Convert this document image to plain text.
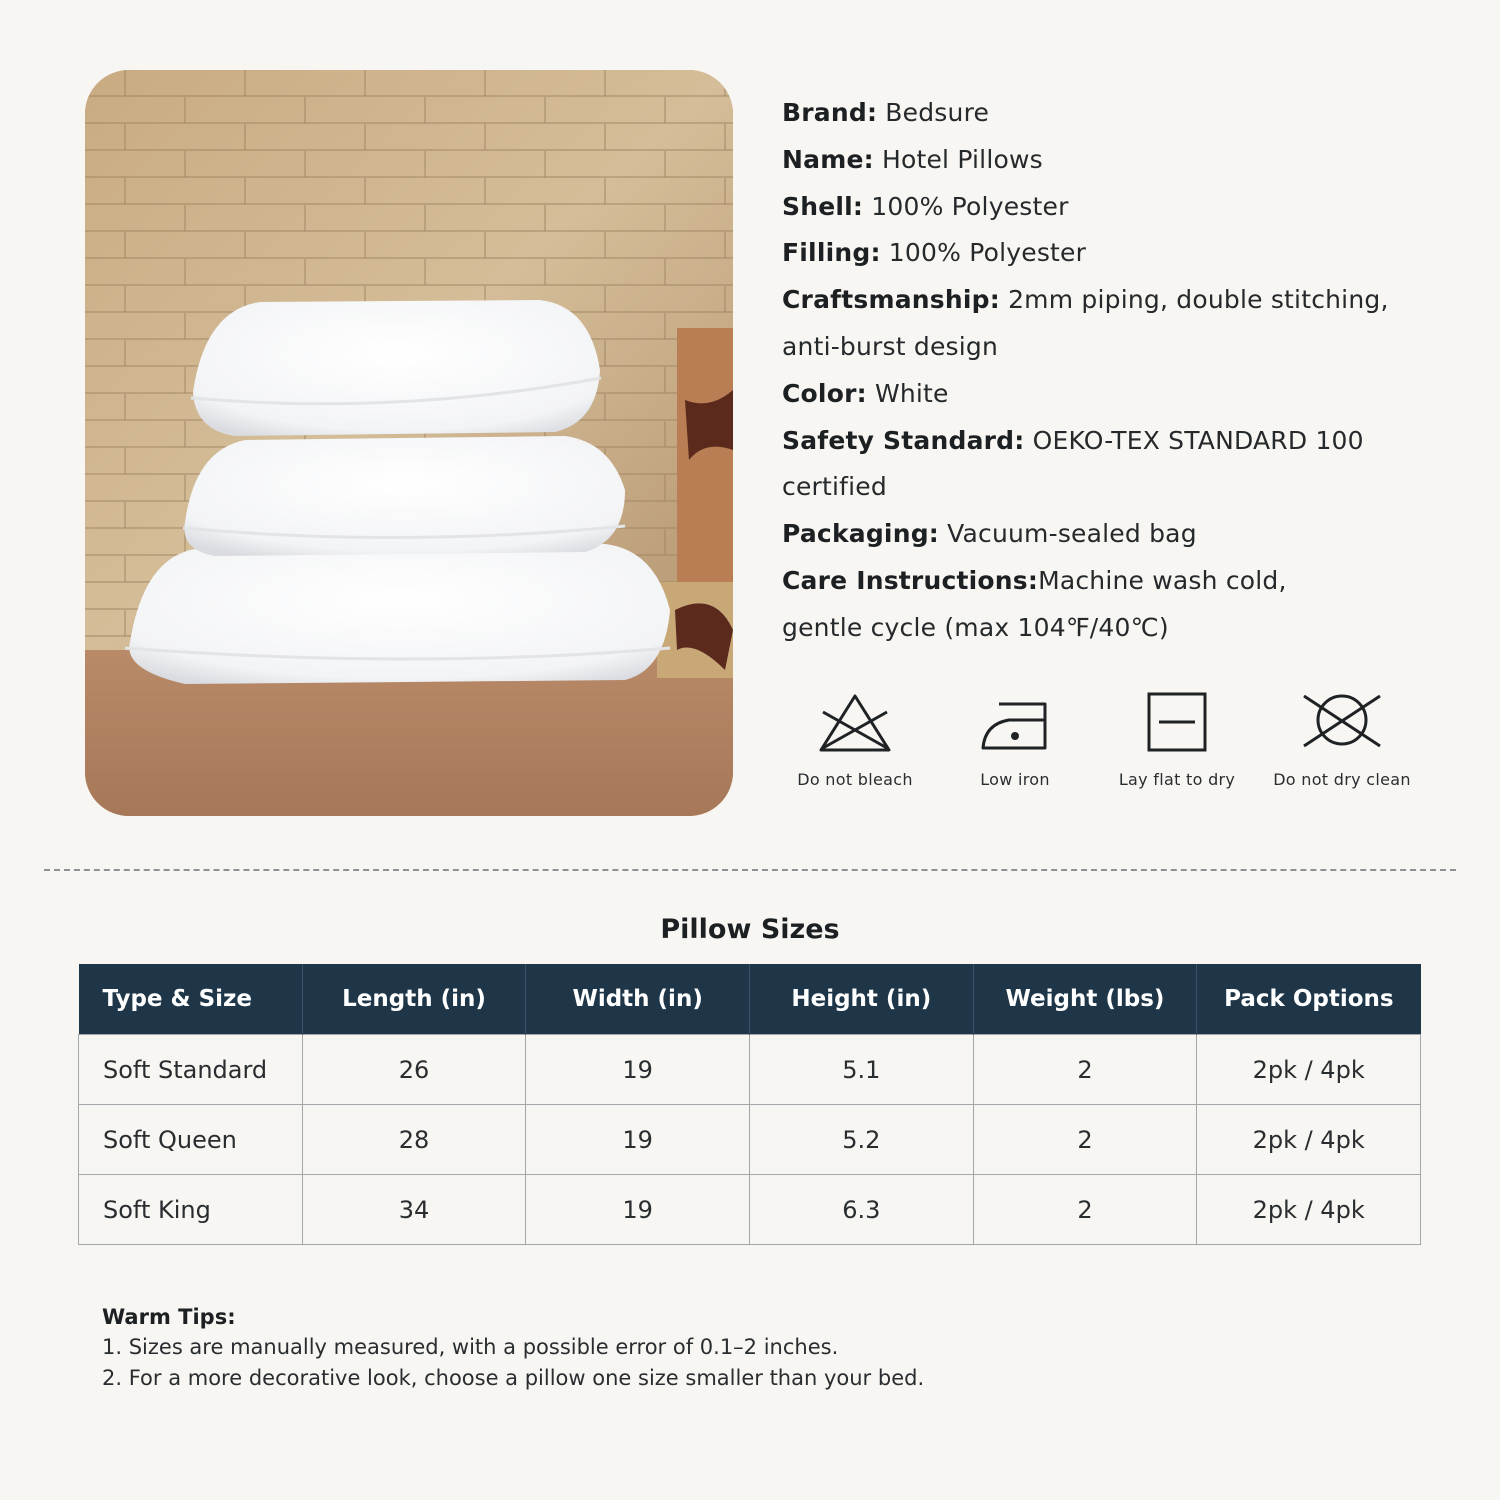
Brand: Bedsure
Name: Hotel Pillows
Shell: 100% Polyester
Filling: 100% Polyester
Craftsmanship: 2mm piping, double stitching,
anti-burst design
Color: White
Safety Standard: OEKO-TEX STANDARD 100
certified
Packaging: Vacuum-sealed bag
Care Instructions:Machine wash cold,
gentle cycle (max 104℉/40℃)
Do not bleach	Low iron	Lay flat to dry	Do not dry clean
Pillow Sizes
Type & Size	Length (in)	Width (in)	Height (in)	Weight (lbs)	Pack Options
Soft Standard	26	19	5.1	2	2pk / 4pk
Soft Queen	28	19	5.2	2	2pk / 4pk
Soft King	34	19	6.3	2	2pk / 4pk
Warm Tips:
1. Sizes are manually measured, with a possible error of 0.1–2 inches.
2. For a more decorative look, choose a pillow one size smaller than your bed.
